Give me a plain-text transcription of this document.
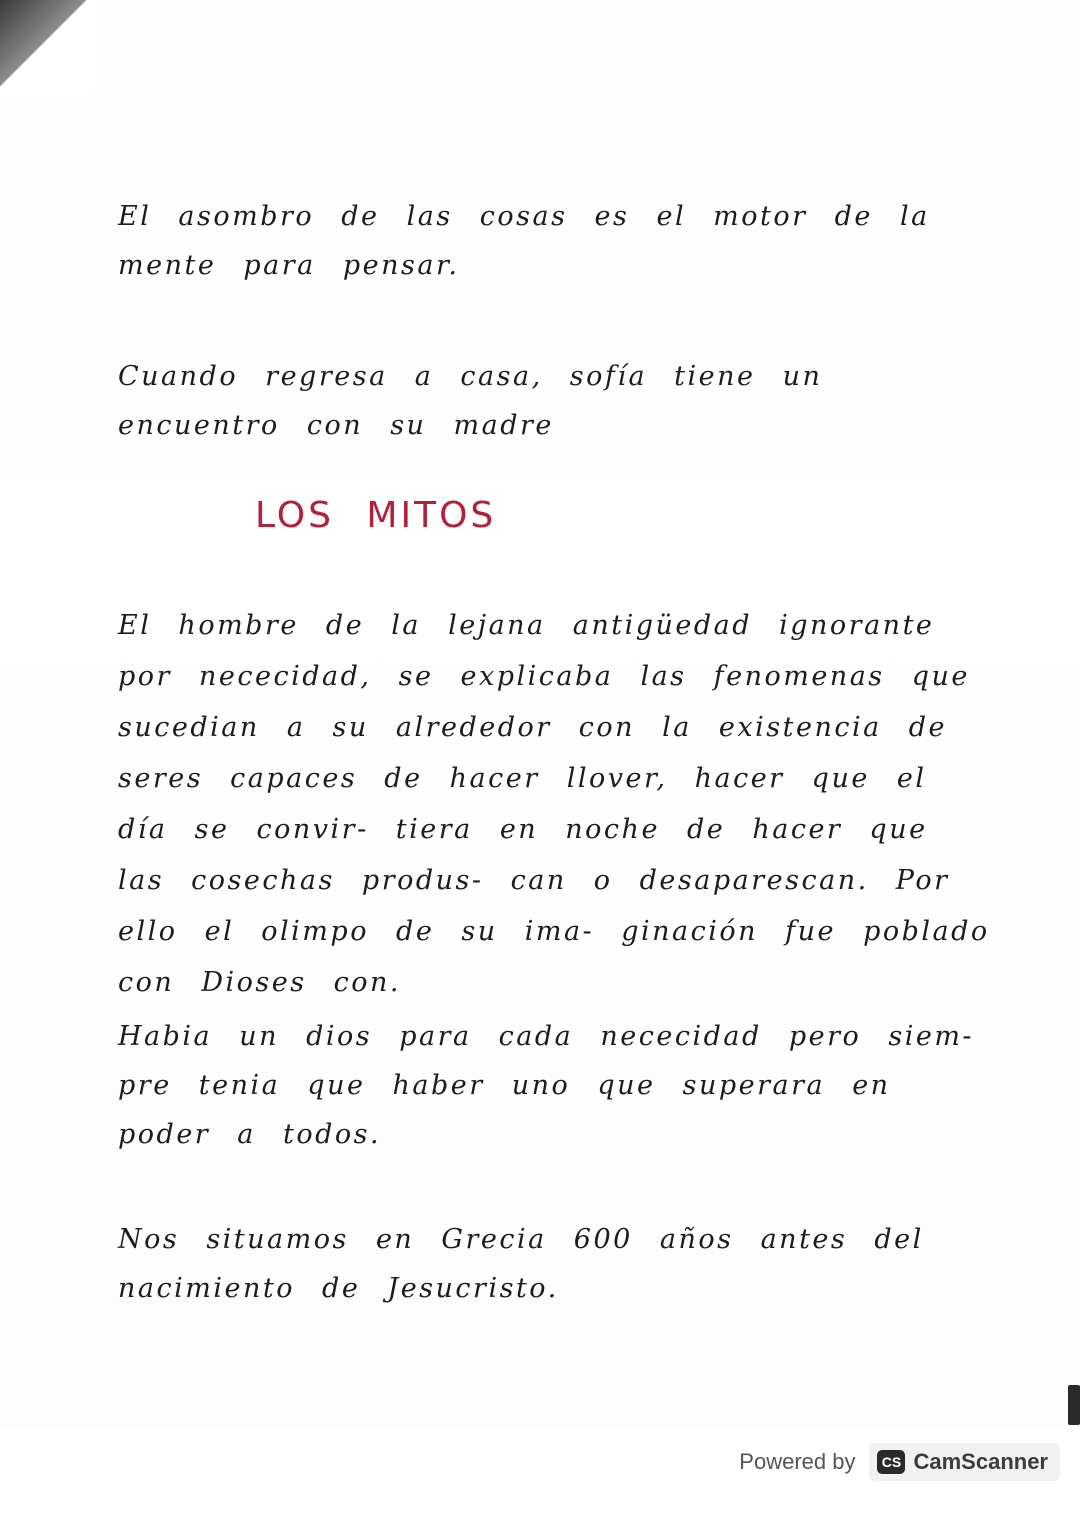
El asombro de las cosas es el motor de la mente para pensar.
Cuando regresa a casa, sofía tiene un encuentro con su madre
LOS MITOS
El hombre de la lejana antigüedad ignorante por nececidad, se explicaba las fenomenas que sucedian a su alrededor con la existencia de seres capaces de hacer llover, hacer que el día se convir- tiera en noche de hacer que las cosechas produs- can o desaparescan. Por ello el olimpo de su ima- ginación fue poblado con Dioses con.
Habia un dios para cada nececidad pero siem- pre tenia que haber uno que superara en poder a todos.
Nos situamos en Grecia 600 años antes del nacimiento de Jesucristo.
Powered by	CS CamScanner
